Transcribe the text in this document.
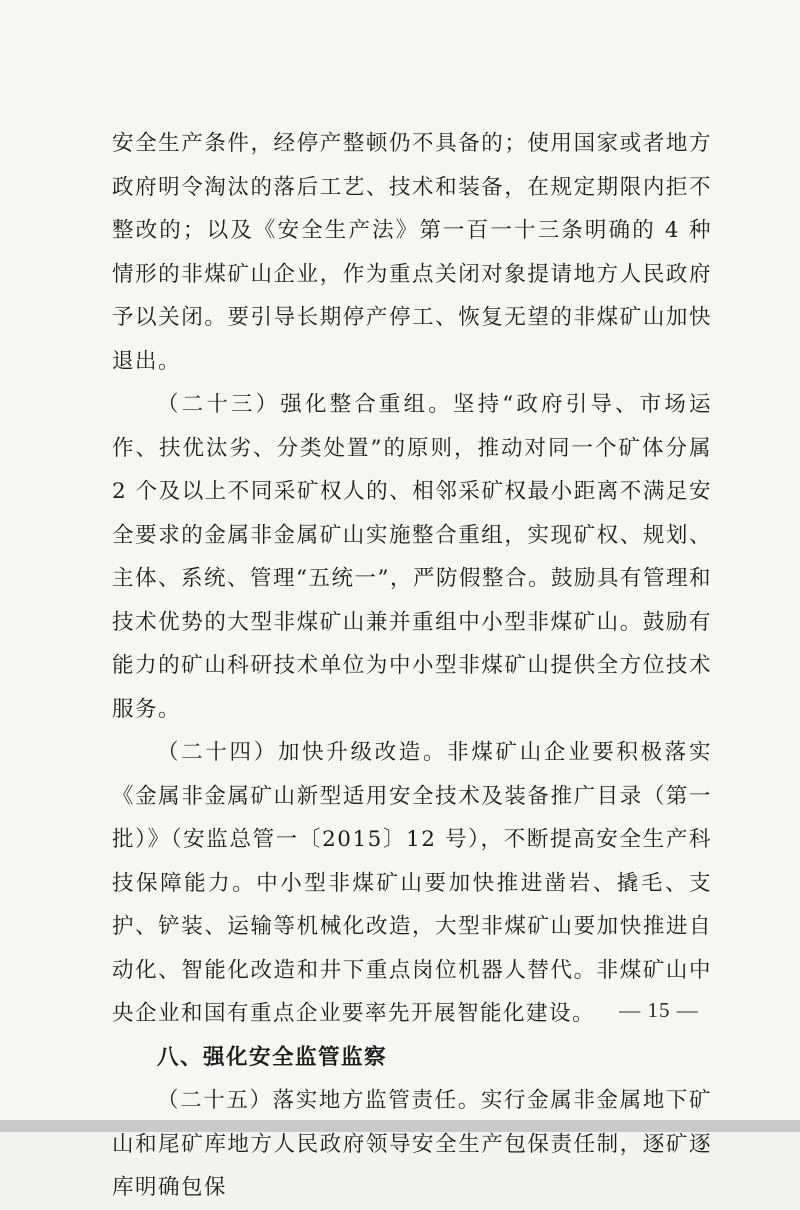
安全生产条件，经停产整顿仍不具备的；使用国家或者地方政府明令淘汰的落后工艺、技术和装备，在规定期限内拒不整改的；以及《安全生产法》第一百一十三条明确的 4 种情形的非煤矿山企业，作为重点关闭对象提请地方人民政府予以关闭。要引导长期停产停工、恢复无望的非煤矿山加快退出。

（二十三）强化整合重组。坚持“政府引导、市场运作、扶优汰劣、分类处置”的原则，推动对同一个矿体分属 2 个及以上不同采矿权人的、相邻采矿权最小距离不满足安全要求的金属非金属矿山实施整合重组，实现矿权、规划、主体、系统、管理“五统一”，严防假整合。鼓励具有管理和技术优势的大型非煤矿山兼并重组中小型非煤矿山。鼓励有能力的矿山科研技术单位为中小型非煤矿山提供全方位技术服务。

（二十四）加快升级改造。非煤矿山企业要积极落实《金属非金属矿山新型适用安全技术及装备推广目录（第一批）》（安监总管一〔2015〕12 号），不断提高安全生产科技保障能力。中小型非煤矿山要加快推进凿岩、撬毛、支护、铲装、运输等机械化改造，大型非煤矿山要加快推进自动化、智能化改造和井下重点岗位机器人替代。非煤矿山中央企业和国有重点企业要率先开展智能化建设。

八、强化安全监管监察

（二十五）落实地方监管责任。实行金属非金属地下矿山和尾矿库地方人民政府领导安全生产包保责任制，逐矿逐库明确包保

— 15 —
